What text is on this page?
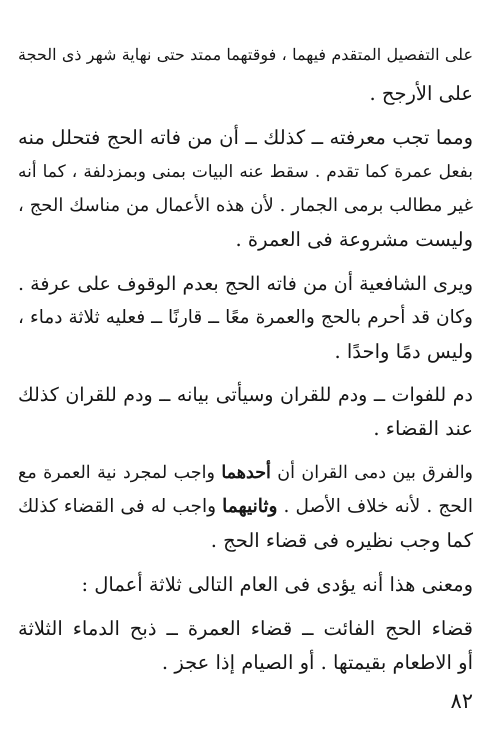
على التفصيل المتقدم فيهما ، فوقتهما ممتد حتى نهاية شهر ذى الحجة
على الأرجح .
ومما تجب معرفته ــ كذلك ــ أن من فاته الحج فتحلل منه
بفعل عمرة كما تقدم . سقط عنه البيات بمنى وبمزدلفة ، كما أنه
غير مطالب برمى الجمار . لأن هذه الأعمال من مناسك الحج ،
وليست مشروعة فى العمرة .
ويرى الشافعية أن من فاته الحج بعدم الوقوف على عرفة .
وكان قد أحرم بالحج والعمرة معًا ــ قارنًا ــ فعليه ثلاثة دماء ،
وليس دمًا واحدًا .
دم للفوات ــ ودم للقران وسيأتى بيانه ــ ودم للقران كذلك
عند القضاء .
والفرق بين دمى القران أن أحدهما واجب لمجرد نية العمرة مع
الحج . لأنه خلاف الأصل . وثانيهما واجب له فى القضاء كذلك
كما وجب نظيره فى قضاء الحج .
ومعنى هذا أنه يؤدى فى العام التالى ثلاثة أعمال :
قضاء الحج الفائت ــ قضاء العمرة ــ ذبح الدماء الثلاثة
أو الاطعام بقيمتها . أو الصيام إذا عجز .
٨٢
